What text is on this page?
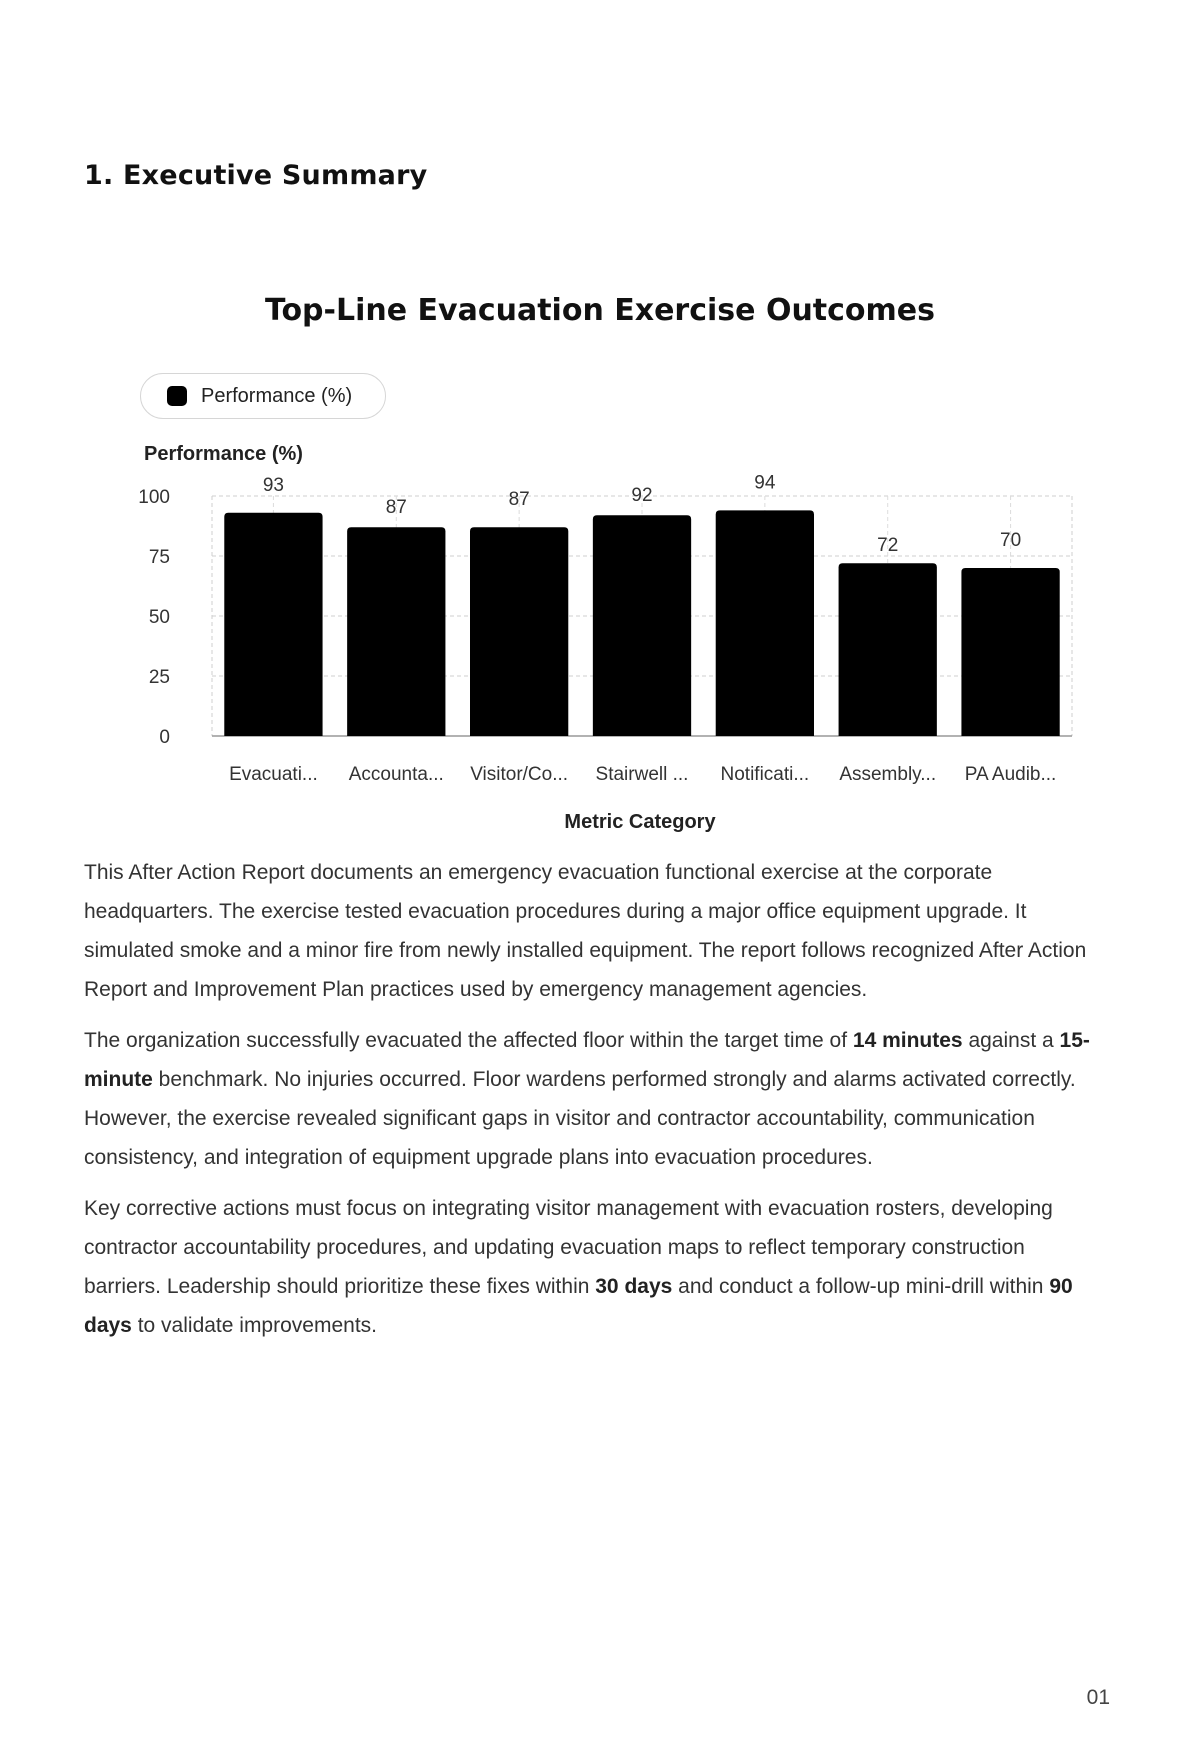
1. Executive Summary
Top-Line Evacuation Exercise Outcomes
Performance (%)
Performance (%)
0
25
50
75
100
93
87	87	92
94
72	70
Evacuati... Accounta... Visitor/Co... Stairwell ... Notificati... Assembly... PA Audib...
Metric Category

This After Action Report documents an emergency evacuation functional exercise at the corporate headquarters. The exercise tested evacuation procedures during a major office equipment upgrade. It simulated smoke and a minor fire from newly installed equipment. The report follows recognized After Action Report and Improvement Plan practices used by emergency management agencies.

The organization successfully evacuated the affected floor within the target time of 14 minutes against a 15-minute benchmark. No injuries occurred. Floor wardens performed strongly and alarms activated correctly. However, the exercise revealed significant gaps in visitor and contractor accountability, communication consistency, and integration of equipment upgrade plans into evacuation procedures.

Key corrective actions must focus on integrating visitor management with evacuation rosters, developing contractor accountability procedures, and updating evacuation maps to reflect temporary construction barriers. Leadership should prioritize these fixes within 30 days and conduct a follow-up mini-drill within 90 days to validate improvements.

01
